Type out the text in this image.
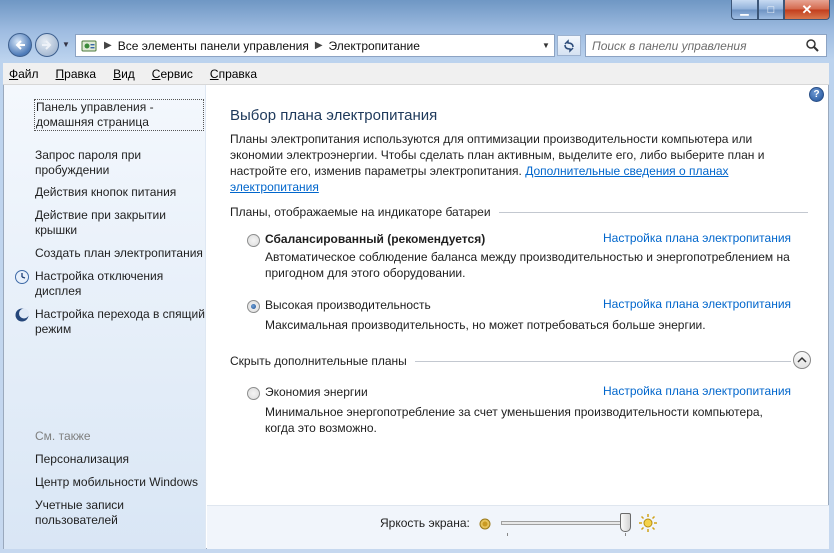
▁	□	✕
▼	▶ Все элементы панели управления ▶ Электропитание	▼
Поиск в панели управления
Файл Правка Вид Сервис Справка
Панель управления - домашняя страница
Запрос пароля при пробуждении
Действия кнопок питания
Действие при закрытии крышки
Создать план электропитания
Настройка отключения дисплея
Настройка перехода в спящий режим
См. также
Персонализация
Центр мобильности Windows
Учетные записи пользователей
?
Выбор плана электропитания
Планы электропитания используются для оптимизации производительности компьютера или экономии электроэнергии. Чтобы сделать план активным, выделите его, либо выберите план и настройте его, изменив параметры электропитания. Дополнительные сведения о планах электропитания
Планы, отображаемые на индикаторе батареи
Сбалансированный (рекомендуется)	Настройка плана электропитания
Автоматическое соблюдение баланса между производительностью и энергопотреблением на пригодном для этого оборудовании.
Высокая производительность	Настройка плана электропитания
Максимальная производительность, но может потребоваться больше энергии.
Скрыть дополнительные планы
Экономия энергии	Настройка плана электропитания
Минимальное энергопотребление за счет уменьшения производительности компьютера, когда это возможно.
Яркость экрана:
